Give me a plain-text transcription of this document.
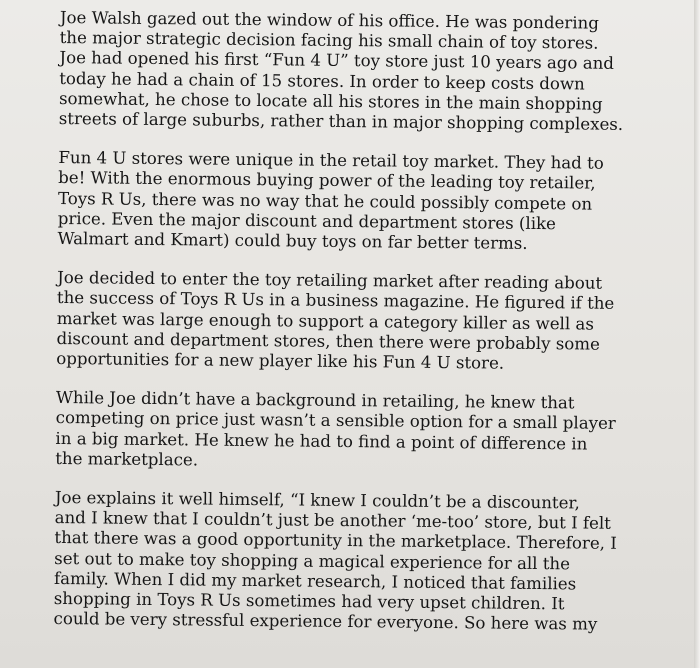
Joe Walsh gazed out the window of his office. He was pondering
the major strategic decision facing his small chain of toy stores.
Joe had opened his first “Fun 4 U” toy store just 10 years ago and
today he had a chain of 15 stores. In order to keep costs down
somewhat, he chose to locate all his stores in the main shopping
streets of large suburbs, rather than in major shopping complexes.

Fun 4 U stores were unique in the retail toy market. They had to
be! With the enormous buying power of the leading toy retailer,
Toys R Us, there was no way that he could possibly compete on
price. Even the major discount and department stores (like
Walmart and Kmart) could buy toys on far better terms.

Joe decided to enter the toy retailing market after reading about
the success of Toys R Us in a business magazine. He figured if the
market was large enough to support a category killer as well as
discount and department stores, then there were probably some
opportunities for a new player like his Fun 4 U store.

While Joe didn’t have a background in retailing, he knew that
competing on price just wasn’t a sensible option for a small player
in a big market. He knew he had to find a point of difference in
the marketplace.

Joe explains it well himself, “I knew I couldn’t be a discounter,
and I knew that I couldn’t just be another ‘me-too’ store, but I felt
that there was a good opportunity in the marketplace. Therefore, I
set out to make toy shopping a magical experience for all the
family. When I did my market research, I noticed that families
shopping in Toys R Us sometimes had very upset children. It
could be very stressful experience for everyone. So here was my
